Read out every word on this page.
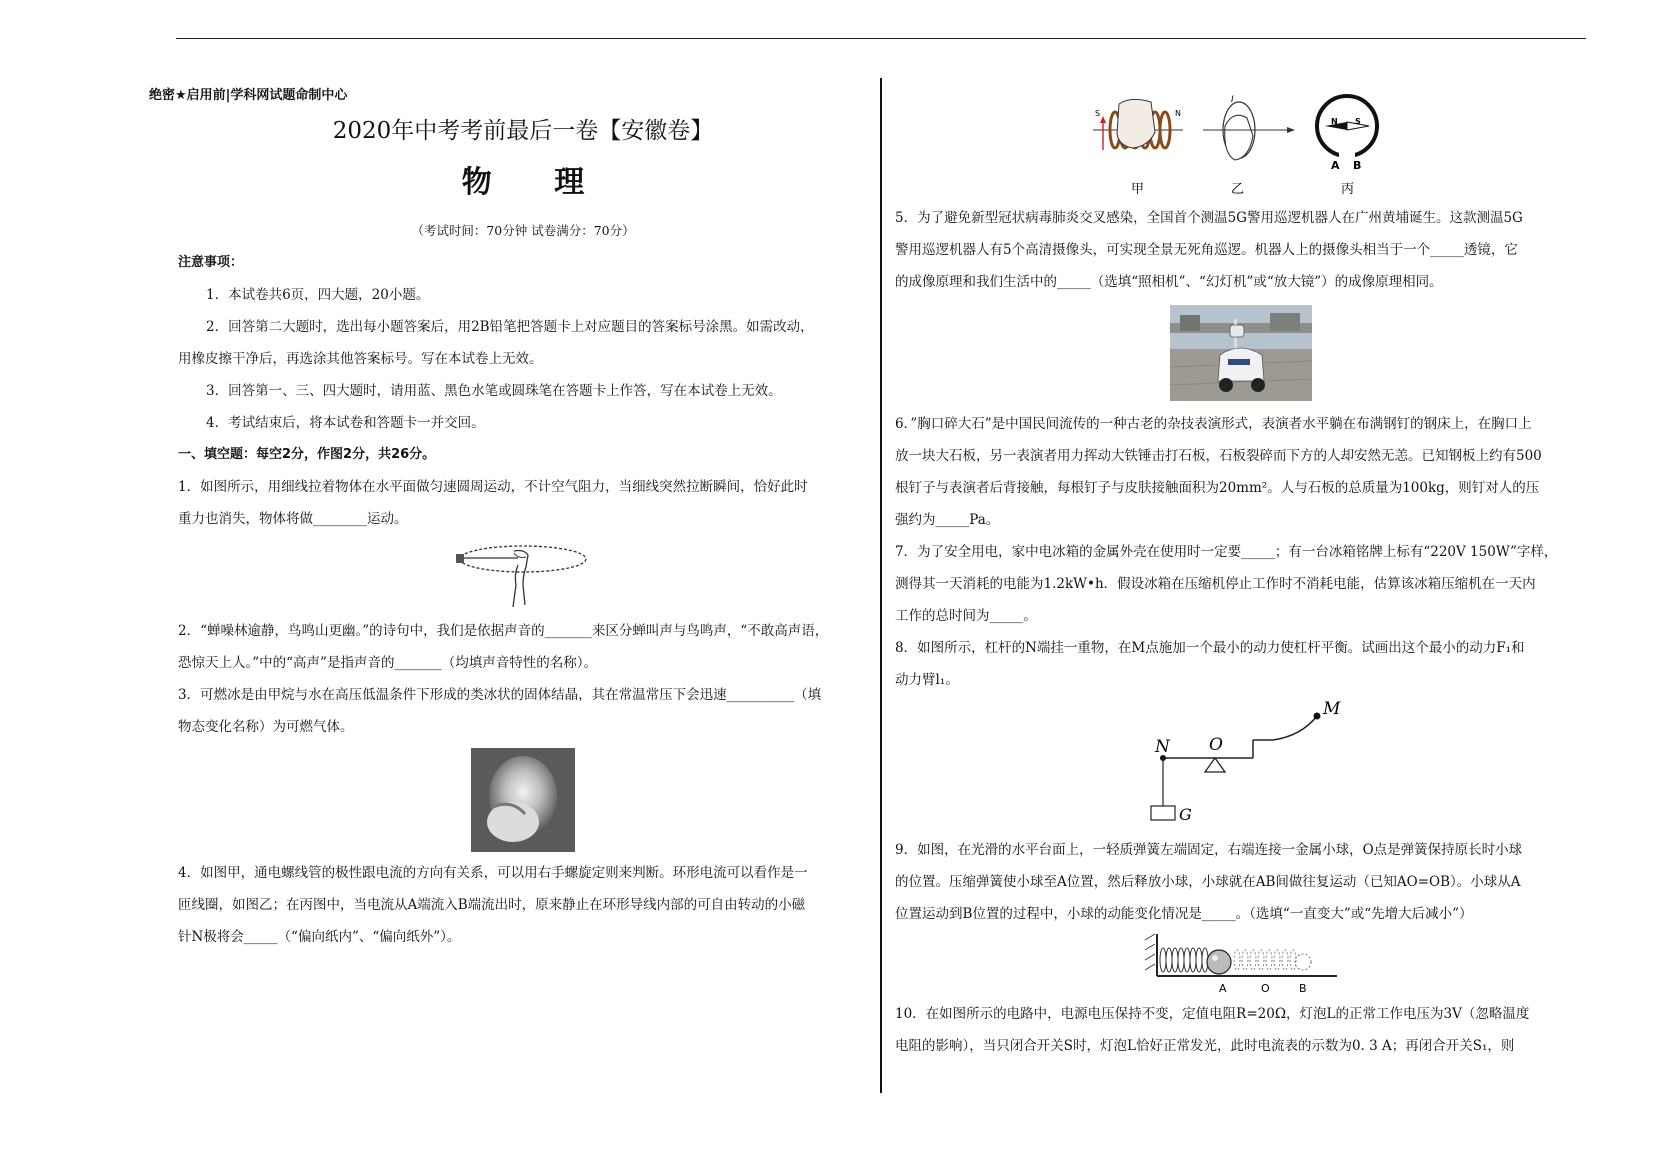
绝密★启用前|学科网试题命制中心
2020年中考考前最后一卷【安徽卷】
物 理
（考试时间：70分钟 试卷满分：70分）

注意事项：

1．本试卷共6页，四大题，20小题。

2．回答第二大题时，选出每小题答案后，用2B铅笔把答题卡上对应题目的答案标号涂黑。如需改动，

用橡皮擦干净后，再选涂其他答案标号。写在本试卷上无效。

3．回答第一、三、四大题时，请用蓝、黑色水笔或圆珠笔在答题卡上作答，写在本试卷上无效。

4．考试结束后，将本试卷和答题卡一并交回。

一、填空题：每空2分，作图2分，共26分。

1．如图所示，用细线拉着物体在水平面做匀速圆周运动，不计空气阻力，当细线突然拉断瞬间，恰好此时

重力也消失，物体将做________运动。

2．“蝉噪林逾静，鸟鸣山更幽。”的诗句中，我们是依据声音的_______来区分蝉叫声与鸟鸣声，“不敢高声语，

恐惊天上人。”中的“高声”是指声音的_______（均填声音特性的名称）。

3．可燃冰是由甲烷与水在高压低温条件下形成的类冰状的固体结晶，其在常温常压下会迅速__________（填

物态变化名称）为可燃气体。

4．如图甲，通电螺线管的极性跟电流的方向有关系，可以用右手螺旋定则来判断。环形电流可以看作是一

匝线圈，如图乙；在丙图中，当电流从A端流入B端流出时，原来静止在环形导线内部的可自由转动的小磁

针N极将会_____（“偏向纸内”、“偏向纸外”）。

S	N
I
N S
A B
甲	乙	丙

5．为了避免新型冠状病毒肺炎交叉感染，全国首个测温5G警用巡逻机器人在广州黄埔诞生。这款测温5G

警用巡逻机器人有5个高清摄像头，可实现全景无死角巡逻。机器人上的摄像头相当于一个_____透镜，它

的成像原理和我们生活中的_____（选填“照相机”、“幻灯机”或“放大镜”）的成像原理相同。

6．”胸口碎大石”是中国民间流传的一种古老的杂技表演形式，表演者水平躺在布满钢钉的钢床上，在胸口上

放一块大石板，另一表演者用力挥动大铁锤击打石板，石板裂碎而下方的人却安然无恙。已知钢板上约有500

根钉子与表演者后背接触，每根钉子与皮肤接触面积为20mm²。人与石板的总质量为100kg，则钉对人的压

强约为_____Pa。

7．为了安全用电，家中电冰箱的金属外壳在使用时一定要_____；有一台冰箱铭牌上标有“220V 150W”字样，

测得其一天消耗的电能为1.2kW•h．假设冰箱在压缩机停止工作时不消耗电能，估算该冰箱压缩机在一天内

工作的总时间为_____。

8．如图所示，杠杆的N端挂一重物，在M点施加一个最小的动力使杠杆平衡。试画出这个最小的动力F₁和

动力臂l₁。

N O
M
G

9．如图，在光滑的水平台面上，一轻质弹簧左端固定，右端连接一金属小球，O点是弹簧保持原长时小球

的位置。压缩弹簧使小球至A位置，然后释放小球，小球就在AB间做往复运动（已知AO=OB）。小球从A

位置运动到B位置的过程中，小球的动能变化情况是_____。（选填“一直变大”或“先增大后减小”）

A	O	B

10．在如图所示的电路中，电源电压保持不变，定值电阻R=20Ω，灯泡L的正常工作电压为3V（忽略温度

电阻的影响），当只闭合开关S时，灯泡L恰好正常发光，此时电流表的示数为0. 3 A；再闭合开关S₁，则
